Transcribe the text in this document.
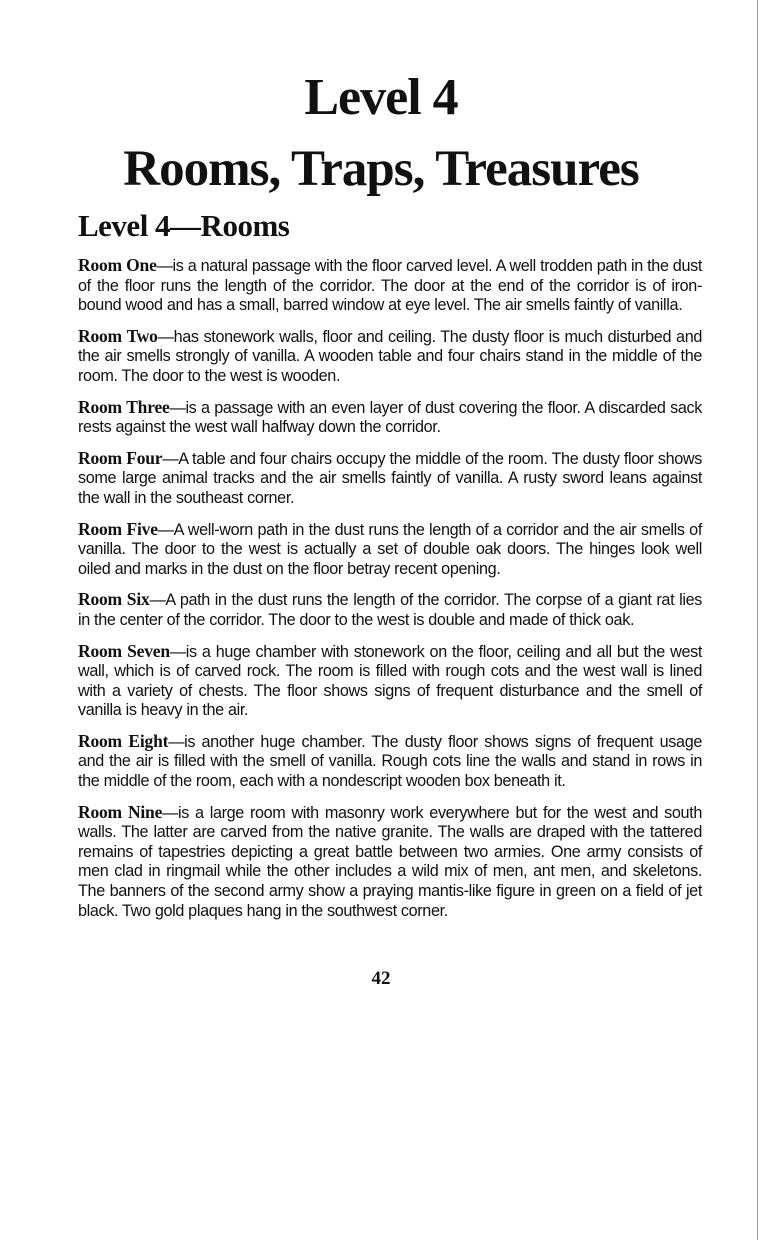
Level 4
Rooms, Traps, Treasures
Level 4—Rooms

Room One—is a natural passage with the floor carved level. A well trodden path in the dust of the floor runs the length of the corridor. The door at the end of the corridor is of iron-bound wood and has a small, barred window at eye level. The air smells faintly of vanilla.

Room Two—has stonework walls, floor and ceiling. The dusty floor is much disturbed and the air smells strongly of vanilla. A wooden table and four chairs stand in the middle of the room. The door to the west is wooden.

Room Three—is a passage with an even layer of dust covering the floor. A discarded sack rests against the west wall halfway down the corridor.

Room Four—A table and four chairs occupy the middle of the room. The dusty floor shows some large animal tracks and the air smells faintly of vanilla. A rusty sword leans against the wall in the southeast corner.

Room Five—A well-worn path in the dust runs the length of a corridor and the air smells of vanilla. The door to the west is actually a set of double oak doors. The hinges look well oiled and marks in the dust on the floor betray recent opening.

Room Six—A path in the dust runs the length of the corridor. The corpse of a giant rat lies in the center of the corridor. The door to the west is double and made of thick oak.

Room Seven—is a huge chamber with stonework on the floor, ceiling and all but the west wall, which is of carved rock. The room is filled with rough cots and the west wall is lined with a variety of chests. The floor shows signs of frequent disturbance and the smell of vanilla is heavy in the air.

Room Eight—is another huge chamber. The dusty floor shows signs of frequent usage and the air is filled with the smell of vanilla. Rough cots line the walls and stand in rows in the middle of the room, each with a nondescript wooden box beneath it.

Room Nine—is a large room with masonry work everywhere but for the west and south walls. The latter are carved from the native granite. The walls are draped with the tattered remains of tapestries depicting a great battle between two armies. One army consists of men clad in ringmail while the other includes a wild mix of men, ant men, and skeletons. The banners of the second army show a praying mantis-like figure in green on a field of jet black. Two gold plaques hang in the southwest corner.

42
